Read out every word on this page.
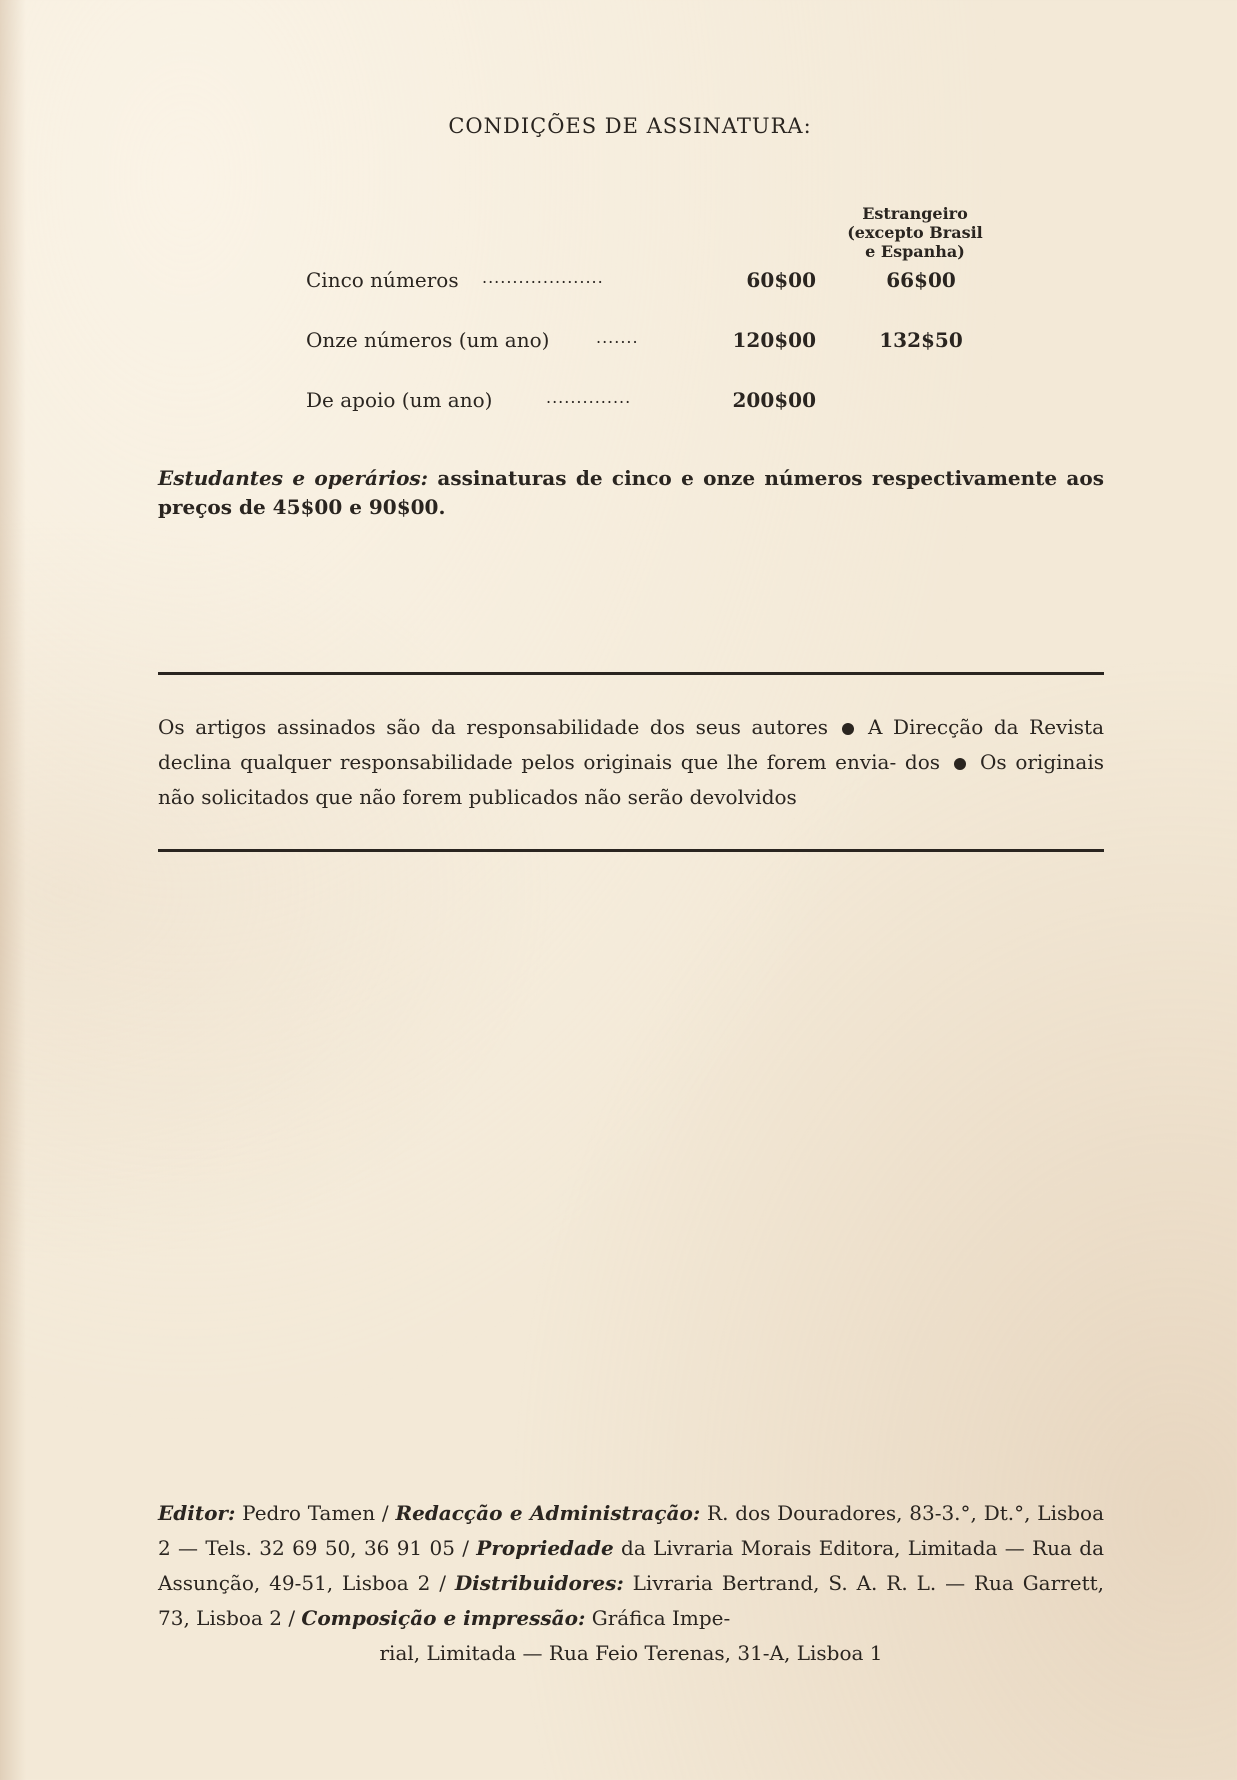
CONDIÇÕES DE ASSINATURA:
Estrangeiro
(excepto Brasil
e Espanha)
Cinco números ....................	60$00	66$00
Onze números (um ano)	.......	120$00	132$50
De apoio (um ano)	..............	200$00
Estudantes e operários: assinaturas de cinco e onze números respectivamente aos preços de 45$00 e 90$00.
Os artigos assinados são da responsabilidade dos seus autores A Direcção da Revista declina qualquer responsabilidade pelos originais que lhe forem envia- dos Os originais não solicitados que não forem publicados não serão devolvidos
Editor: Pedro Tamen / Redacção e Administração: R. dos Douradores, 83-3.°, Dt.°, Lisboa 2 — Tels. 32 69 50, 36 91 05 / Propriedade da Livraria Morais Editora, Limitada — Rua da Assunção, 49-51, Lisboa 2 / Distribuidores: Livraria Bertrand, S. A. R. L. — Rua Garrett, 73, Lisboa 2 / Composição e impressão: Gráfica Impe-
rial, Limitada — Rua Feio Terenas, 31-A, Lisboa 1
